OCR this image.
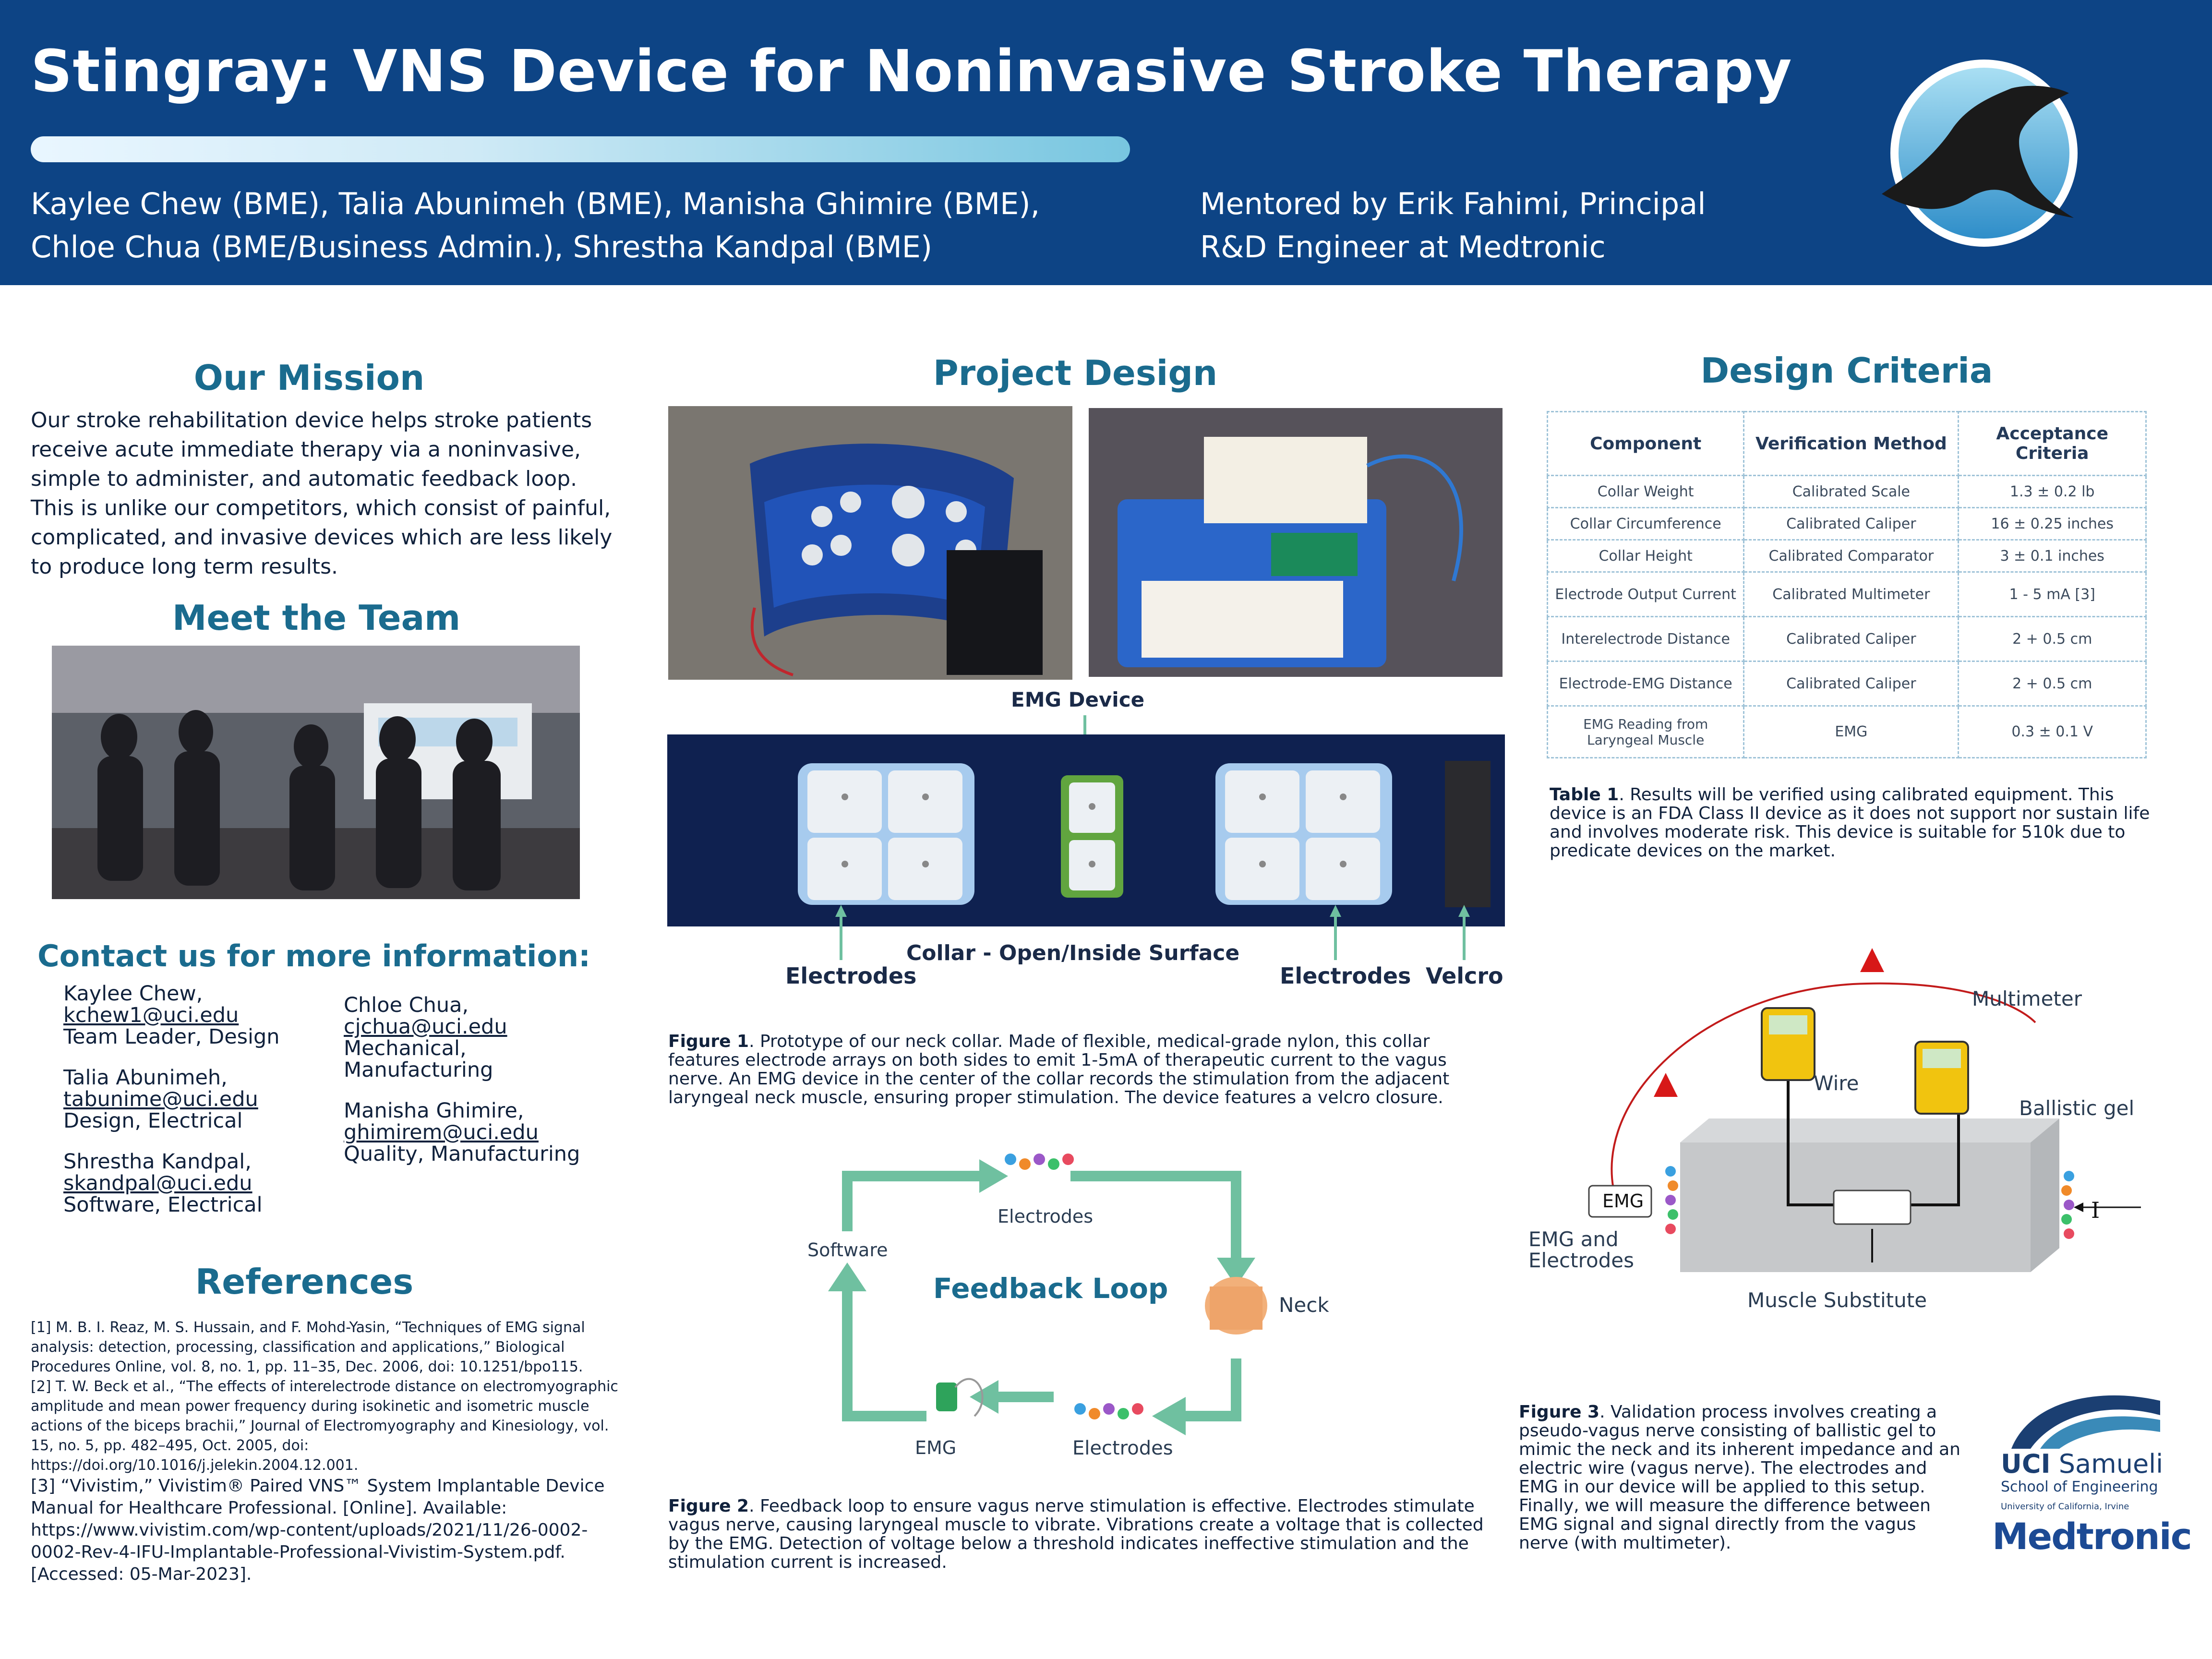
Stingray: VNS Device for Noninvasive Stroke Therapy
Kaylee Chew (BME), Talia Abunimeh (BME), Manisha Ghimire (BME),
Chloe Chua (BME/Business Admin.), Shrestha Kandpal (BME)
Mentored by Erik Fahimi, Principal
R&D Engineer at Medtronic
Our Mission
Our stroke rehabilitation device helps stroke patients receive acute immediate therapy via a noninvasive, simple to administer, and automatic feedback loop. This is unlike our competitors, which consist of painful, complicated, and invasive devices which are less likely to produce long term results.
Meet the Team
Contact us for more information:
Kaylee Chew,
kchew1@uci.edu
Team Leader, Design
Talia Abunimeh,
tabunime@uci.edu
Design, Electrical
Shrestha Kandpal,
skandpal@uci.edu
Software, Electrical
Chloe Chua,
cjchua@uci.edu
Mechanical, Manufacturing
Manisha Ghimire,
ghimirem@uci.edu
Quality, Manufacturing
References
[1] M. B. I. Reaz, M. S. Hussain, and F. Mohd-Yasin, “Techniques of EMG signal analysis: detection, processing, classification and applications,” Biological Procedures Online, vol. 8, no. 1, pp. 11–35, Dec. 2006, doi: 10.1251/bpo115.
[2] T. W. Beck et al., “The effects of interelectrode distance on electromyographic amplitude and mean power frequency during isokinetic and isometric muscle actions of the biceps brachii,” Journal of Electromyography and Kinesiology, vol. 15, no. 5, pp. 482–495, Oct. 2005, doi: https://doi.org/10.1016/j.jelekin.2004.12.001.
[3] “Vivistim,” Vivistim® Paired VNS™ System Implantable Device Manual for Healthcare Professional. [Online]. Available: https://www.vivistim.com/wp-content/uploads/2021/11/26-0002-0002-Rev-4-IFU-Implantable-Professional-Vivistim-System.pdf. [Accessed: 05-Mar-2023].
Project Design
EMG Device
Collar - Open/Inside Surface
Electrodes	Electrodes Velcro
Figure 1. Prototype of our neck collar. Made of flexible, medical-grade nylon, this collar features electrode arrays on both sides to emit 1-5mA of therapeutic current to the vagus nerve. An EMG device in the center of the collar records the stimulation from the adjacent laryngeal neck muscle, ensuring proper stimulation. The device features a velcro closure.
Electrodes
Feedback Loop
Neck
Electrodes
EMG
Software
Figure 2. Feedback loop to ensure vagus nerve stimulation is effective. Electrodes stimulate vagus nerve, causing laryngeal muscle to vibrate. Vibrations create a voltage that is collected by the EMG. Detection of voltage below a threshold indicates ineffective stimulation and the stimulation current is increased.
Design Criteria
Component	Verification Method	Acceptance Criteria
Collar Weight	Calibrated Scale	1.3 ± 0.2 lb
Collar Circumference	Calibrated Caliper	16 ± 0.25 inches
Collar Height	Calibrated Comparator	3 ± 0.1 inches
Electrode Output Current	Calibrated Multimeter	1 - 5 mA [3]
Interelectrode Distance	Calibrated Caliper	2 + 0.5 cm
Electrode-EMG Distance	Calibrated Caliper	2 + 0.5 cm
EMG Reading from Laryngeal Muscle	EMG	0.3 ± 0.1 V
Table 1. Results will be verified using calibrated equipment. This device is an FDA Class II device as it does not support nor sustain life and involves moderate risk. This device is suitable for 510k due to predicate devices on the market.
EMG
Multimeter
Wire
Ballistic gel
EMG and Electrodes
Muscle Substitute
I
Figure 3. Validation process involves creating a pseudo-vagus nerve consisting of ballistic gel to mimic the neck and its inherent impedance and an electric wire (vagus nerve). The electrodes and EMG in our device will be applied to this setup. Finally, we will measure the difference between EMG signal and signal directly from the vagus nerve (with multimeter).
UCI Samueli
School of Engineering
University of California, Irvine
Medtronic
